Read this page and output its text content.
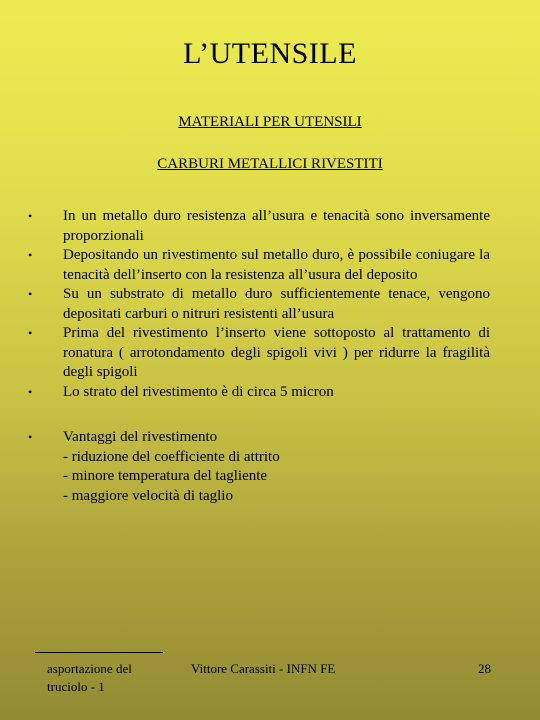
L’UTENSILE
MATERIALI PER UTENSILI
CARBURI METALLICI RIVESTITI
•	In un metallo duro resistenza all’usura e tenacità sono inversamente proporzionali
•	Depositando un rivestimento sul metallo duro, è possibile coniugare la tenacità dell’inserto con la resistenza all’usura del deposito
•	Su un substrato di metallo duro sufficientemente tenace, vengono depositati carburi o nitruri resistenti all’usura
•	Prima del rivestimento l’inserto viene sottoposto al trattamento di ronatura ( arrotondamento degli spigoli vivi ) per ridurre la fragilità degli spigoli
•	Lo strato del rivestimento è di circa 5 micron
•	Vantaggi del rivestimento
- riduzione del coefficiente di attrito
- minore temperatura del tagliente
- maggiore velocità di taglio
asportazione del
truciolo - 1
Vittore Carassiti - INFN FE	28
